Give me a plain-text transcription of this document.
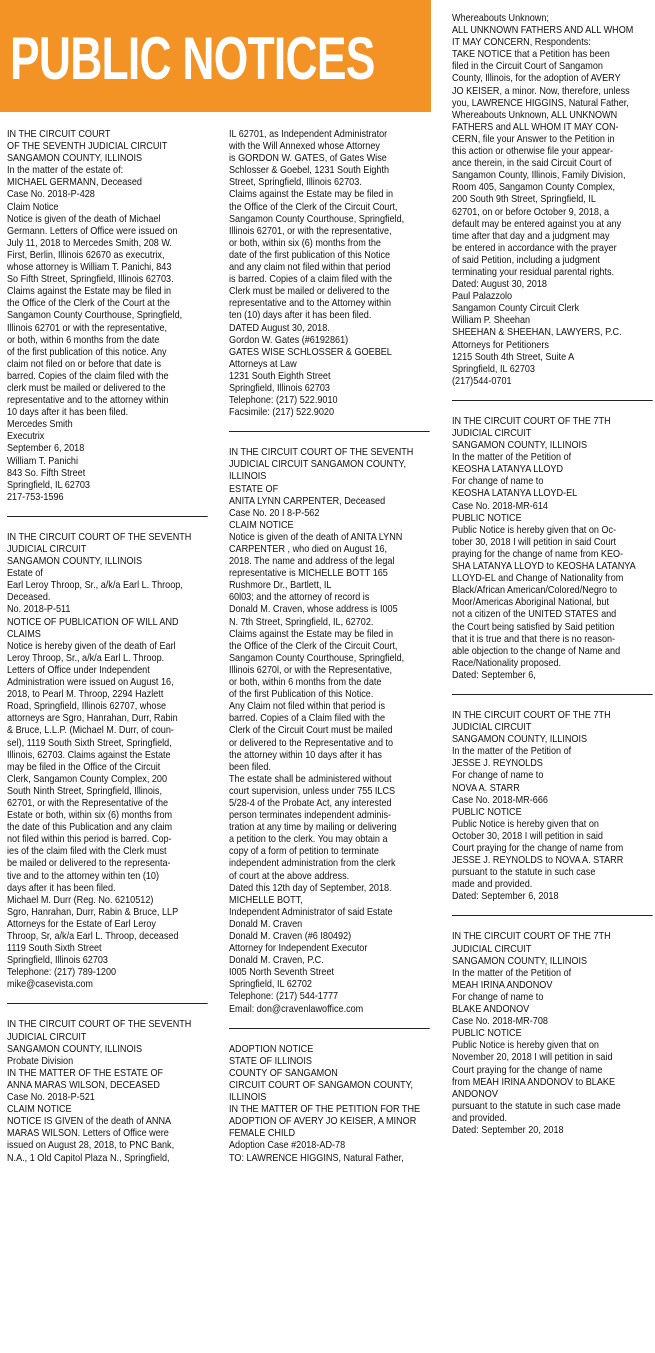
PUBLIC NOTICES
IN THE CIRCUIT COURT
OF THE SEVENTH JUDICIAL CIRCUIT
SANGAMON COUNTY, ILLINOIS
In the matter of the estate of:
MICHAEL GERMANN, Deceased
Case No. 2018-P-428
Claim Notice
Notice is given of the death of Michael
Germann. Letters of Office were issued on
July 11, 2018 to Mercedes Smith, 208 W.
First, Berlin, Illinois 62670 as executrix,
whose attorney is William T. Panichi, 843
So Fifth Street, Springfield, Illinois 62703.
Claims against the Estate may be filed in
the Office of the Clerk of the Court at the
Sangamon County Courthouse, Springfield,
Illinois 62701 or with the representative,
or both, within 6 months from the date
of the first publication of this notice. Any
claim not filed on or before that date is
barred. Copies of the claim filed with the
clerk must be mailed or delivered to the
representative and to the attorney within
10 days after it has been filed.
Mercedes Smith
Executrix
September 6, 2018
William T. Panichi
843 So. Fifth Street
Springfield, IL 62703
217-753-1596
IN THE CIRCUIT COURT OF THE SEVENTH
JUDICIAL CIRCUIT
SANGAMON COUNTY, ILLINOIS
Estate of
Earl Leroy Throop, Sr., a/k/a Earl L. Throop,
Deceased.
No. 2018-P-511
NOTICE OF PUBLICATION OF WILL AND
CLAIMS
Notice is hereby given of the death of Earl
Leroy Throop, Sr., a/k/a Earl L. Throop.
Letters of Office under Independent
Administration were issued on August 16,
2018, to Pearl M. Throop, 2294 Hazlett
Road, Springfield, Illinois 62707, whose
attorneys are Sgro, Hanrahan, Durr, Rabin
& Bruce, L.L.P. (Michael M. Durr, of coun-
sel), 1119 South Sixth Street, Springfield,
Illinois, 62703. Claims against the Estate
may be filed in the Office of the Circuit
Clerk, Sangamon County Complex, 200
South Ninth Street, Springfield, Illinois,
62701, or with the Representative of the
Estate or both, within six (6) months from
the date of this Publication and any claim
not filed within this period is barred. Cop-
ies of the claim filed with the Clerk must
be mailed or delivered to the representa-
tive and to the attorney within ten (10)
days after it has been filed.
Michael M. Durr (Reg. No. 6210512)
Sgro, Hanrahan, Durr, Rabin & Bruce, LLP
Attorneys for the Estate of Earl Leroy
Throop, Sr, a/k/a Earl L. Throop, deceased
1119 South Sixth Street
Springfield, Illinois 62703
Telephone: (217) 789-1200
mike@casevista.com
IN THE CIRCUIT COURT OF THE SEVENTH
JUDICIAL CIRCUIT
SANGAMON COUNTY, ILLINOIS
Probate Division
IN THE MATTER OF THE ESTATE OF
ANNA MARAS WILSON, DECEASED
Case No. 2018-P-521
CLAIM NOTICE
NOTICE IS GIVEN of the death of ANNA
MARAS WILSON. Letters of Office were
issued on August 28, 2018, to PNC Bank,
N.A., 1 Old Capitol Plaza N., Springfield,
IL 62701, as Independent Administrator
with the Will Annexed whose Attorney
is GORDON W. GATES, of Gates Wise
Schlosser & Goebel, 1231 South Eighth
Street, Springfield, Illinois 62703.
Claims against the Estate may be filed in
the Office of the Clerk of the Circuit Court,
Sangamon County Courthouse, Springfield,
Illinois 62701, or with the representative,
or both, within six (6) months from the
date of the first publication of this Notice
and any claim not filed within that period
is barred. Copies of a claim filed with the
Clerk must be mailed or delivered to the
representative and to the Attorney within
ten (10) days after it has been filed.
DATED August 30, 2018.
Gordon W. Gates (#6192861)
GATES WISE SCHLOSSER & GOEBEL
Attorneys at Law
1231 South Eighth Street
Springfield, Illinois 62703
Telephone: (217) 522.9010
Facsimile: (217) 522.9020
IN THE CIRCUIT COURT OF THE SEVENTH
JUDICIAL CIRCUIT SANGAMON COUNTY,
ILLINOIS
ESTATE OF
ANITA LYNN CARPENTER, Deceased
Case No. 20 I 8-P-562
CLAIM NOTICE
Notice is given of the death of ANITA LYNN
CARPENTER , who died on August 16,
2018. The name and address of the legal
representative is MICHELLE BOTT 165
Rushmore Dr., Bartlett, IL
60l03; and the attorney of record is
Donald M. Craven, whose address is I005
N. 7th Street, Springfield, IL, 62702.
Claims against the Estate may be filed in
the Office of the Clerk of the Circuit Court,
Sangamon County Courthouse, Springfield,
Illinois 6270l, or with the Representative,
or both, within 6 months from the date
of the first Publication of this Notice.
Any Claim not filed within that period is
barred. Copies of a Claim filed with the
Clerk of the Circuit Court must be mailed
or delivered to the Representative and to
the attorney within 10 days after it has
been filed.
The estate shall be administered without
court supervision, unless under 755 ILCS
5/28-4 of the Probate Act, any interested
person terminates independent adminis-
tration at any time by mailing or delivering
a petition to the clerk. You may obtain a
copy of a form of petition to terminate
independent administration from the clerk
of court at the above address.
Dated this 12th day of September, 2018.
MICHELLE BOTT,
Independent Administrator of said Estate
Donald M. Craven
Donald M. Craven (#6 I80492)
Attorney for Independent Executor
Donald M. Craven, P.C.
I005 North Seventh Street
Springfield, IL 62702
Telephone: (217) 544-1777
Email: don@cravenlawoffice.com
ADOPTION NOTICE
STATE OF ILLINOIS
COUNTY OF SANGAMON
CIRCUIT COURT OF SANGAMON COUNTY,
ILLINOIS
IN THE MATTER OF THE PETITION FOR THE
ADOPTION OF AVERY JO KEISER, A MINOR
FEMALE CHILD
Adoption Case #2018-AD-78
TO: LAWRENCE HIGGINS, Natural Father,
Whereabouts Unknown;
ALL UNKNOWN FATHERS AND ALL WHOM
IT MAY CONCERN, Respondents:
TAKE NOTICE that a Petition has been
filed in the Circuit Court of Sangamon
County, Illinois, for the adoption of AVERY
JO KEISER, a minor. Now, therefore, unless
you, LAWRENCE HIGGINS, Natural Father,
Whereabouts Unknown, ALL UNKNOWN
FATHERS and ALL WHOM IT MAY CON-
CERN, file your Answer to the Petition in
this action or otherwise file your appear-
ance therein, in the said Circuit Court of
Sangamon County, Illinois, Family Division,
Room 405, Sangamon County Complex,
200 South 9th Street, Springfield, IL
62701, on or before October 9, 2018, a
default may be entered against you at any
time after that day and a judgment may
be entered in accordance with the prayer
of said Petition, including a judgment
terminating your residual parental rights.
Dated: August 30, 2018
Paul Palazzolo
Sangamon County Circuit Clerk
William P. Sheehan
SHEEHAN & SHEEHAN, LAWYERS, P.C.
Attorneys for Petitioners
1215 South 4th Street, Suite A
Springfield, IL 62703
(217)544-0701
IN THE CIRCUIT COURT OF THE 7TH
JUDICIAL CIRCUIT
SANGAMON COUNTY, ILLINOIS
In the matter of the Petition of
KEOSHA LATANYA LLOYD
For change of name to
KEOSHA LATANYA LLOYD-EL
Case No. 2018-MR-614
PUBLIC NOTICE
Public Notice is hereby given that on Oc-
tober 30, 2018 I will petition in said Court
praying for the change of name from KEO-
SHA LATANYA LLOYD to KEOSHA LATANYA
LLOYD-EL and Change of Nationality from
Black/African American/Colored/Negro to
Moor/Americas Aboriginal National, but
not a citizen of the UNITED STATES and
the Court being satisfied by Said petition
that it is true and that there is no reason-
able objection to the change of Name and
Race/Nationality proposed.
Dated: September 6,
IN THE CIRCUIT COURT OF THE 7TH
JUDICIAL CIRCUIT
SANGAMON COUNTY, ILLINOIS
In the matter of the Petition of
JESSE J. REYNOLDS
For change of name to
NOVA A. STARR
Case No. 2018-MR-666
PUBLIC NOTICE
Public Notice is hereby given that on
October 30, 2018 I will petition in said
Court praying for the change of name from
JESSE J. REYNOLDS to NOVA A. STARR
pursuant to the statute in such case
made and provided.
Dated: September 6, 2018
IN THE CIRCUIT COURT OF THE 7TH
JUDICIAL CIRCUIT
SANGAMON COUNTY, ILLINOIS
In the matter of the Petition of
MEAH IRINA ANDONOV
For change of name to
BLAKE ANDONOV
Case No. 2018-MR-708
PUBLIC NOTICE
Public Notice is hereby given that on
November 20, 2018 I will petition in said
Court praying for the change of name
from MEAH IRINA ANDONOV to BLAKE
ANDONOV
pursuant to the statute in such case made
and provided.
Dated: September 20, 2018
